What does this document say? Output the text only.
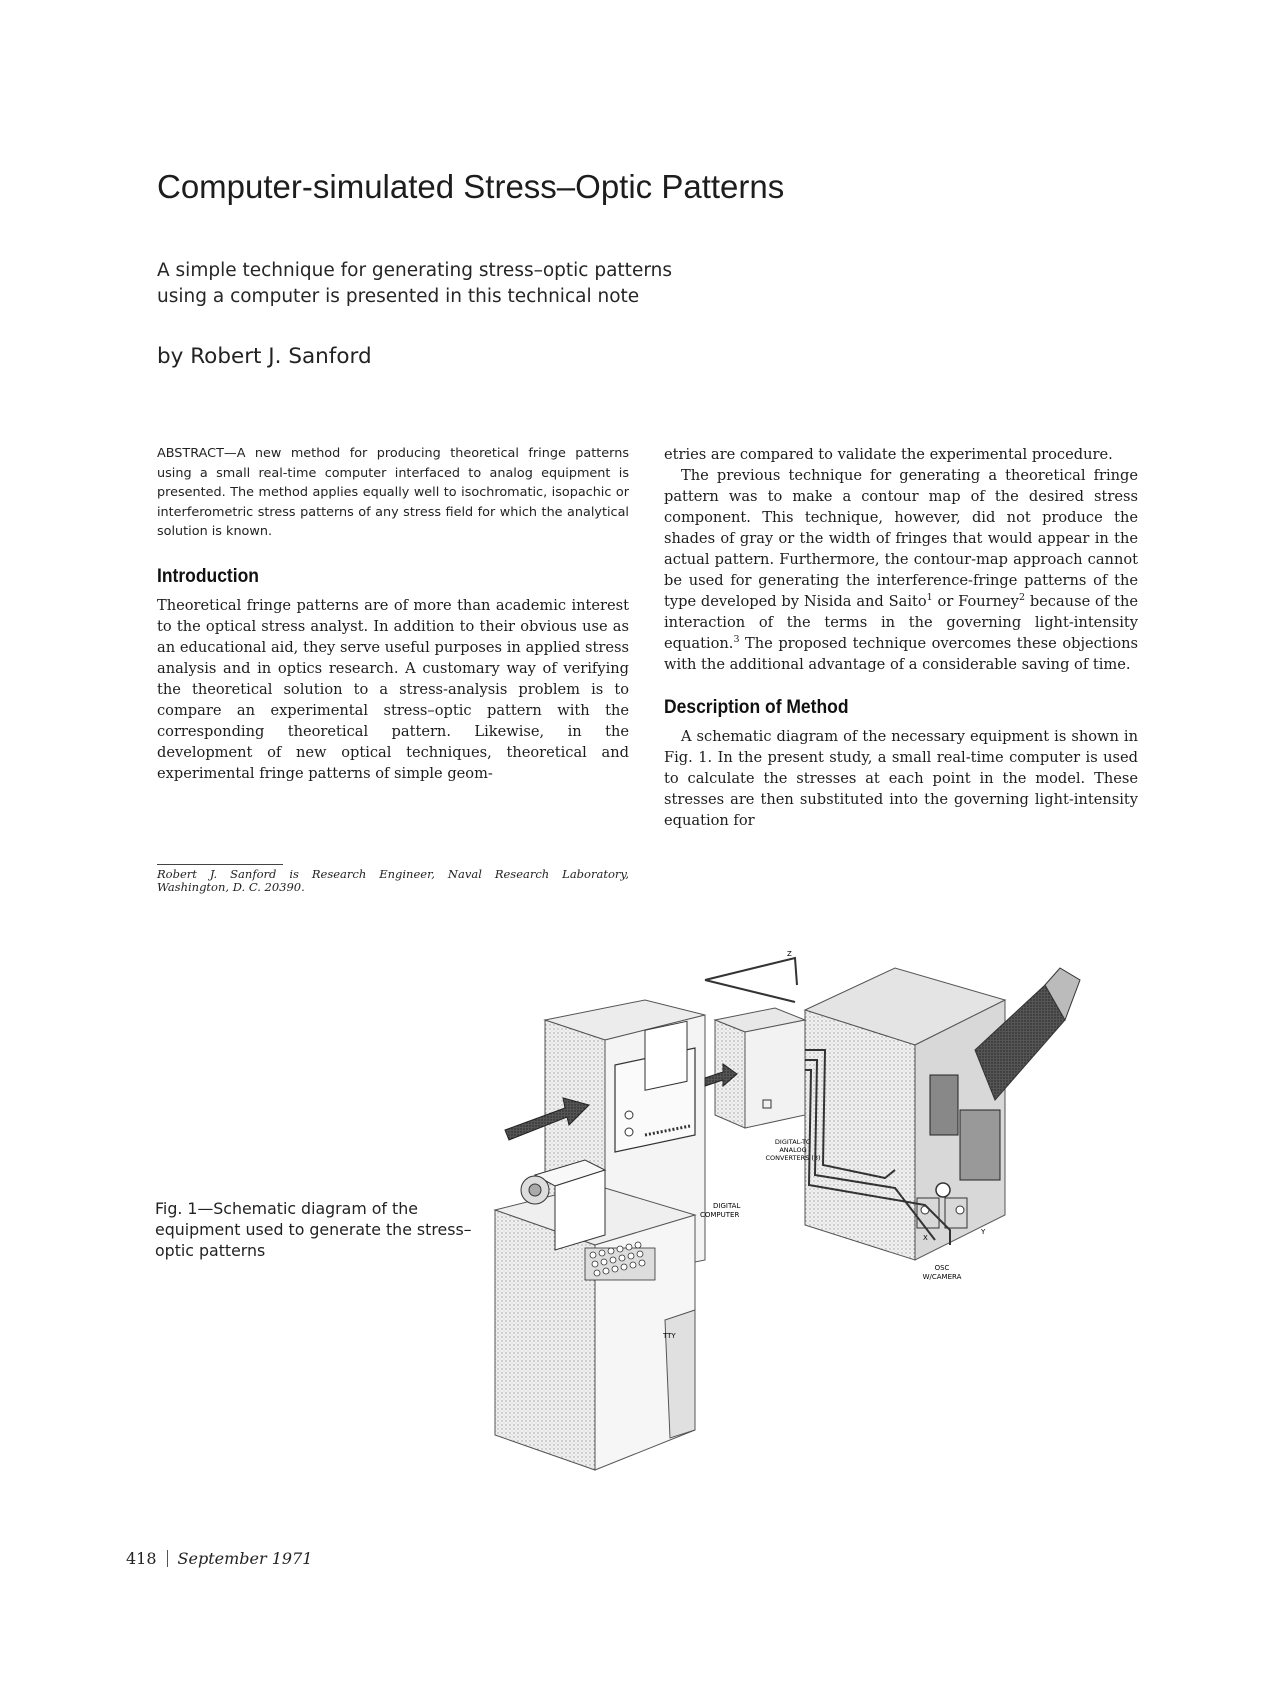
Computer-simulated Stress–Optic Patterns
A simple technique for generating stress–optic patterns
using a computer is presented in this technical note
by Robert J. Sanford

ABSTRACT—A new method for producing theoretical fringe patterns using a small real-time computer interfaced to analog equipment is presented. The method applies equally well to isochromatic, isopachic or interferometric stress patterns of any stress field for which the analytical solution is known.

Introduction

Theoretical fringe patterns are of more than academic interest to the optical stress analyst. In addition to their obvious use as an educational aid, they serve useful purposes in applied stress analysis and in optics research. A customary way of verifying the theoretical solution to a stress-analysis problem is to compare an experimental stress–optic pattern with the corresponding theoretical pattern. Likewise, in the development of new optical techniques, theoretical and experimental fringe patterns of simple geom-

Robert J. Sanford is Research Engineer, Naval Research Laboratory, Washington, D. C. 20390.

etries are compared to validate the experimental procedure.

The previous technique for generating a theoretical fringe pattern was to make a contour map of the desired stress component. This technique, however, did not produce the shades of gray or the width of fringes that would appear in the actual pattern. Furthermore, the contour-map approach cannot be used for generating the interference-fringe patterns of the type developed by Nisida and Saito$^1$ or Fourney$^2$ because of the interaction of the terms in the governing light-intensity equation.$^3$ The proposed technique overcomes these objections with the additional advantage of a considerable saving of time.

Description of Method

A schematic diagram of the necessary equipment is shown in Fig. 1. In the present study, a small real-time computer is used to calculate the stresses at each point in the model. These stresses are then substituted into the governing light-intensity equation for

Fig. 1—Schematic diagram of the equipment used to generate the stress–optic patterns
X
Y
OSC
W/CAMERA
Z
DIGITAL
COMPUTER
DIGITAL-TO
ANALOG
CONVERTERS (3)
TTY
418 September 1971
